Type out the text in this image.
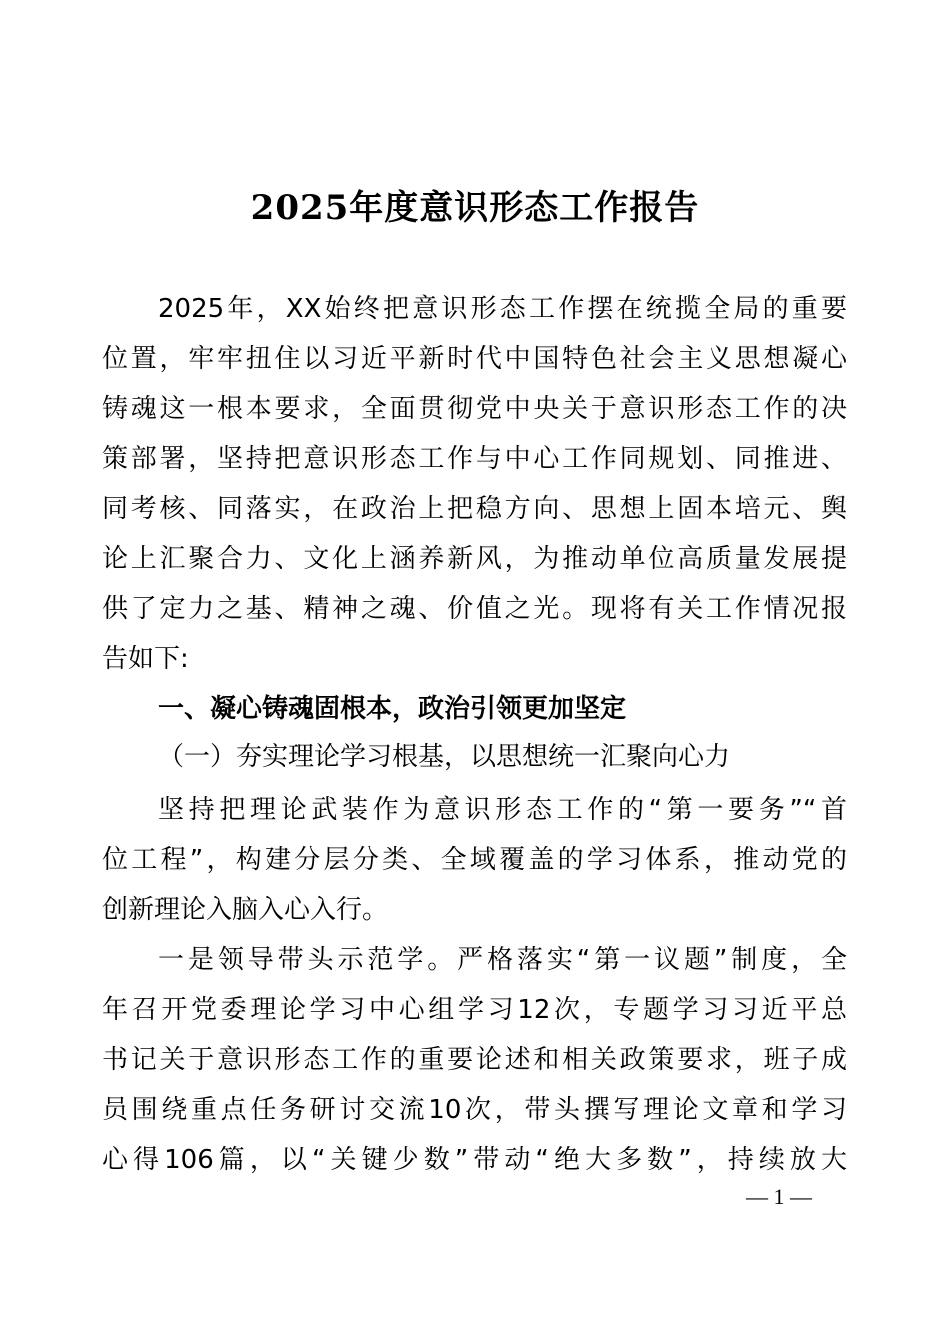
2025年度意识形态工作报告
2025年，XX始终把意识形态工作摆在统揽全局的重要
位置，牢牢扭住以习近平新时代中国特色社会主义思想凝心
铸魂这一根本要求，全面贯彻党中央关于意识形态工作的决
策部署，坚持把意识形态工作与中心工作同规划、同推进、
同考核、同落实，在政治上把稳方向、思想上固本培元、舆
论上汇聚合力、文化上涵养新风，为推动单位高质量发展提
供了定力之基、精神之魂、价值之光。现将有关工作情况报
告如下:
一、凝心铸魂固根本，政治引领更加坚定
（一）夯实理论学习根基，以思想统一汇聚向心力
坚持把理论武装作为意识形态工作的“第一要务”“首
位工程”，构建分层分类、全域覆盖的学习体系，推动党的
创新理论入脑入心入行。
一是领导带头示范学。严格落实“第一议题”制度，全
年召开党委理论学习中心组学习12次，专题学习习近平总
书记关于意识形态工作的重要论述和相关政策要求，班子成
员围绕重点任务研讨交流10次，带头撰写理论文章和学习
心得106篇，以“关键少数”带动“绝大多数”，持续放大
— 1 —
